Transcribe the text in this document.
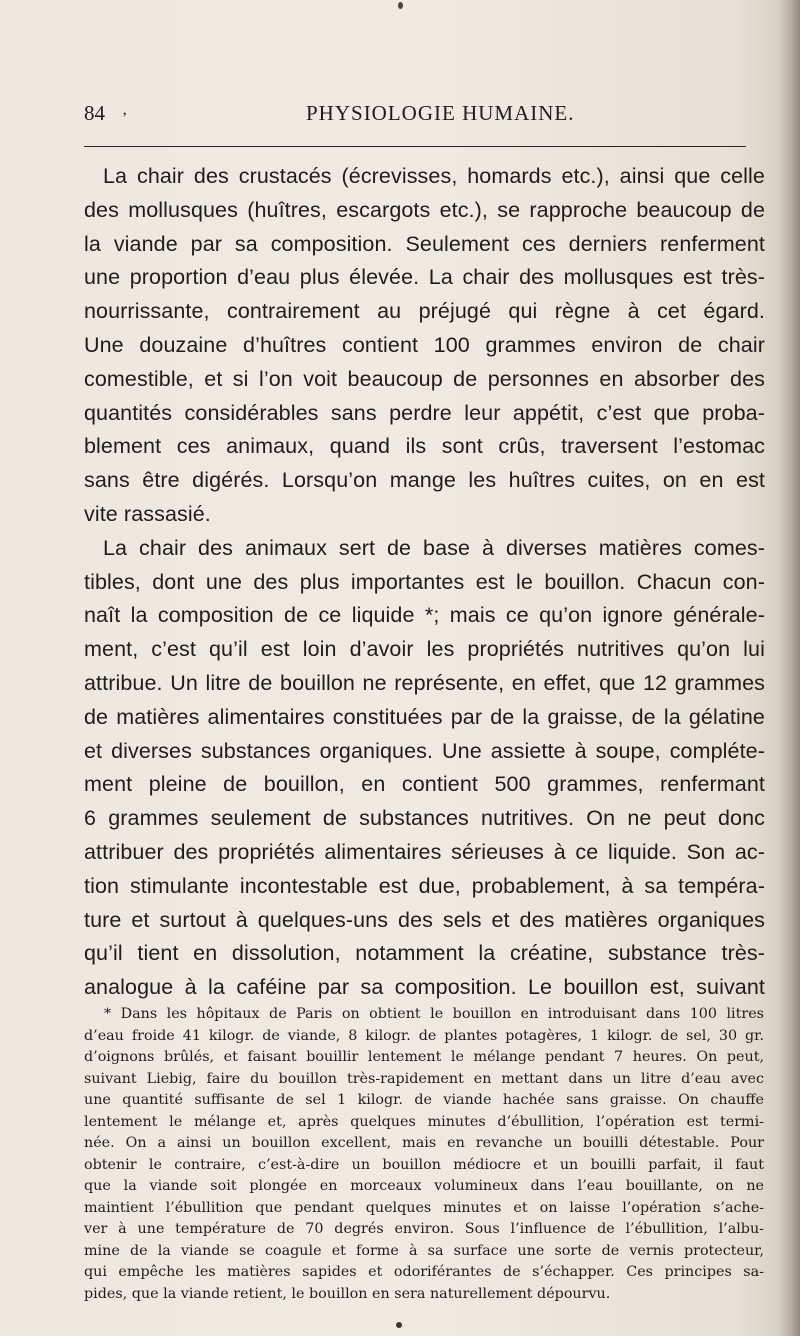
84 ‚	PHYSIOLOGIE HUMAINE.
La chair des crustacés (écrevisses, homards etc.), ainsi que celle
des mollusques (huîtres, escargots etc.), se rapproche beaucoup de
la viande par sa composition. Seulement ces derniers renferment
une proportion d’eau plus élevée. La chair des mollusques est très-
nourrissante, contrairement au préjugé qui règne à cet égard.
Une douzaine d’huîtres contient 100 grammes environ de chair
comestible, et si l’on voit beaucoup de personnes en absorber des
quantités considérables sans perdre leur appétit, c’est que proba-
blement ces animaux, quand ils sont crûs, traversent l’estomac
sans être digérés. Lorsqu’on mange les huîtres cuites, on en est
vite rassasié.
La chair des animaux sert de base à diverses matières comes-
tibles, dont une des plus importantes est le bouillon. Chacun con-
naît la composition de ce liquide *; mais ce qu’on ignore générale-
ment, c’est qu’il est loin d’avoir les propriétés nutritives qu’on lui
attribue. Un litre de bouillon ne représente, en effet, que 12 grammes
de matières alimentaires constituées par de la graisse, de la gélatine
et diverses substances organiques. Une assiette à soupe, compléte-
ment pleine de bouillon, en contient 500 grammes, renfermant
6 grammes seulement de substances nutritives. On ne peut donc
attribuer des propriétés alimentaires sérieuses à ce liquide. Son ac-
tion stimulante incontestable est due, probablement, à sa tempéra-
ture et surtout à quelques-uns des sels et des matières organiques
qu’il tient en dissolution, notamment la créatine, substance très-
analogue à la caféine par sa composition. Le bouillon est, suivant
* Dans les hôpitaux de Paris on obtient le bouillon en introduisant dans 100 litres
d’eau froide 41 kilogr. de viande, 8 kilogr. de plantes potagères, 1 kilogr. de sel, 30 gr.
d’oignons brûlés, et faisant bouillir lentement le mélange pendant 7 heures. On peut,
suivant Liebig, faire du bouillon très-rapidement en mettant dans un litre d’eau avec
une quantité suffisante de sel 1 kilogr. de viande hachée sans graisse. On chauffe
lentement le mélange et, après quelques minutes d’ébullition, l’opération est termi-
née. On a ainsi un bouillon excellent, mais en revanche un bouilli détestable. Pour
obtenir le contraire, c’est-à-dire un bouillon médiocre et un bouilli parfait, il faut
que la viande soit plongée en morceaux volumineux dans l’eau bouillante, on ne
maintient l’ébullition que pendant quelques minutes et on laisse l’opération s’ache-
ver à une température de 70 degrés environ. Sous l’influence de l’ébullition, l’albu-
mine de la viande se coagule et forme à sa surface une sorte de vernis protecteur,
qui empêche les matières sapides et odoriférantes de s’échapper. Ces principes sa-
pides, que la viande retient, le bouillon en sera naturellement dépourvu.
